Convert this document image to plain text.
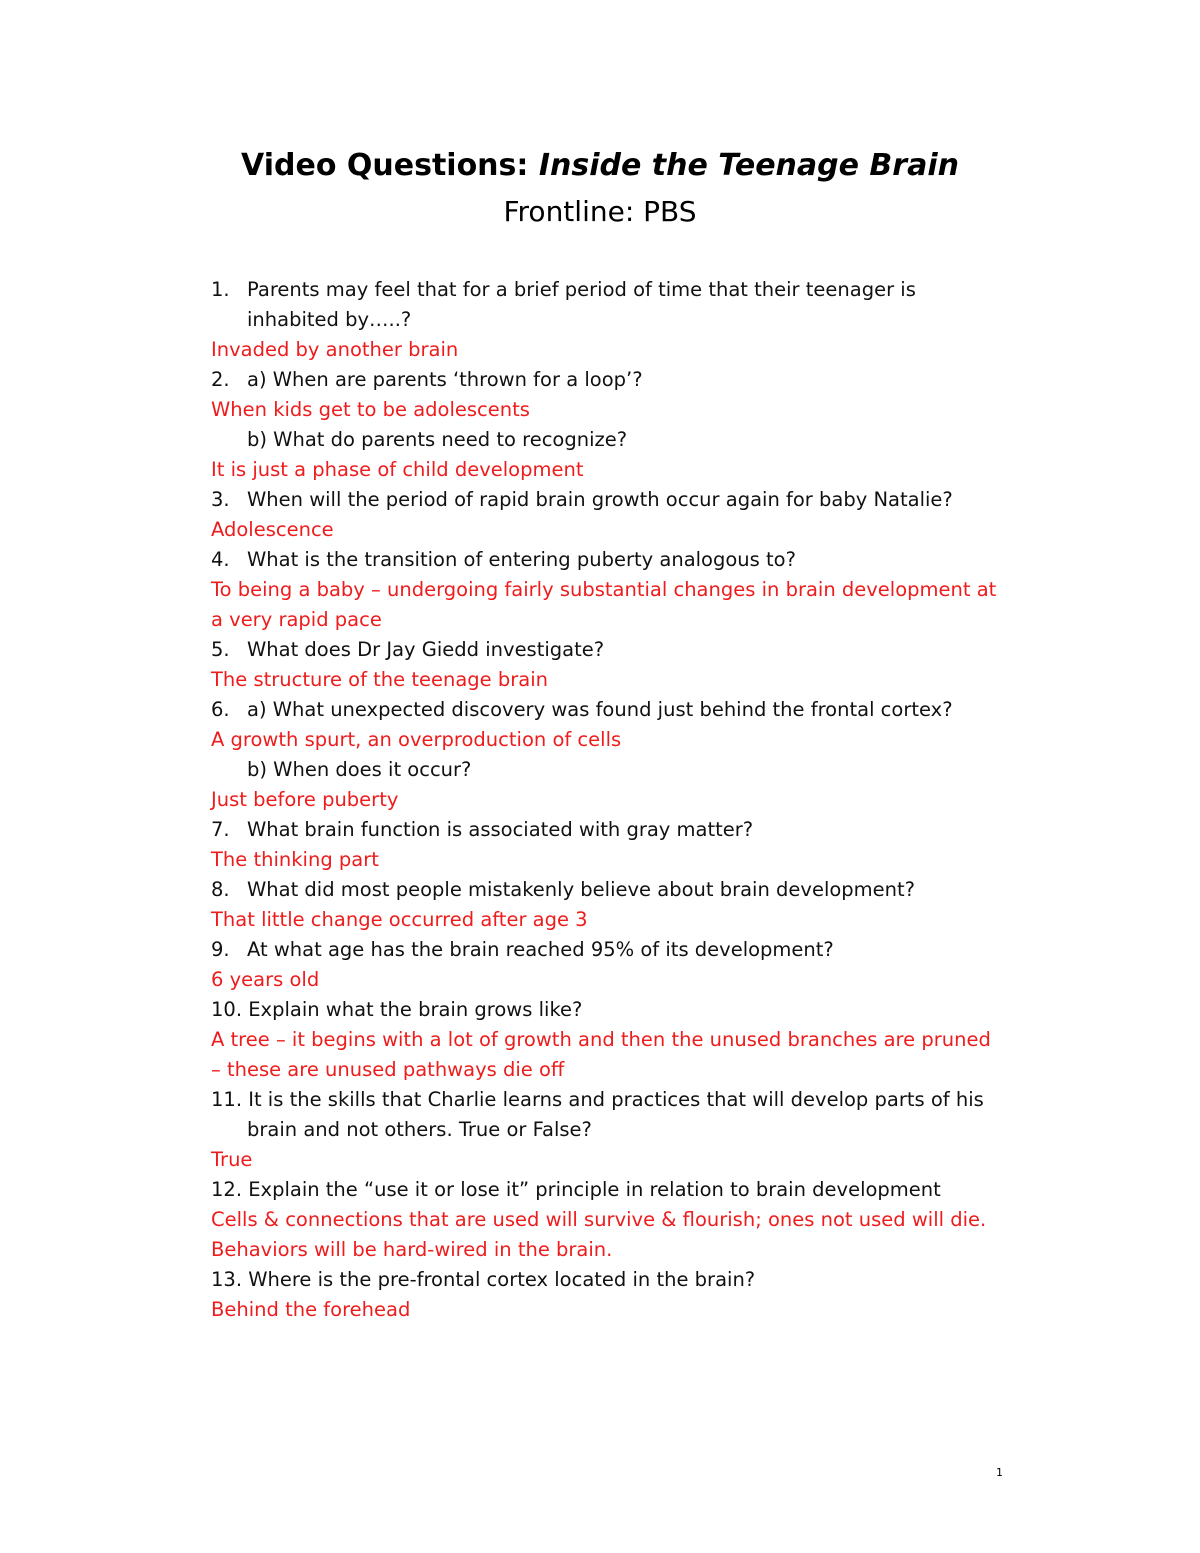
Video Questions: Inside the Teenage Brain
Frontline: PBS
1. Parents may feel that for a brief period of time that their teenager is
inhabited by…..?
Invaded by another brain
2. a) When are parents ‘thrown for a loop’?
When kids get to be adolescents
b) What do parents need to recognize?
It is just a phase of child development
3. When will the period of rapid brain growth occur again for baby Natalie?
Adolescence
4. What is the transition of entering puberty analogous to?
To being a baby – undergoing fairly substantial changes in brain development at
a very rapid pace
5. What does Dr Jay Giedd investigate?
The structure of the teenage brain
6. a) What unexpected discovery was found just behind the frontal cortex?
A growth spurt, an overproduction of cells
b) When does it occur?
Just before puberty
7. What brain function is associated with gray matter?
The thinking part
8. What did most people mistakenly believe about brain development?
That little change occurred after age 3
9. At what age has the brain reached 95% of its development?
6 years old
10. Explain what the brain grows like?
A tree – it begins with a lot of growth and then the unused branches are pruned
– these are unused pathways die off
11. It is the skills that Charlie learns and practices that will develop parts of his
brain and not others. True or False?
True
12. Explain the “use it or lose it” principle in relation to brain development
Cells & connections that are used will survive & flourish; ones not used will die.
Behaviors will be hard-wired in the brain.
13. Where is the pre-frontal cortex located in the brain?
Behind the forehead
1
